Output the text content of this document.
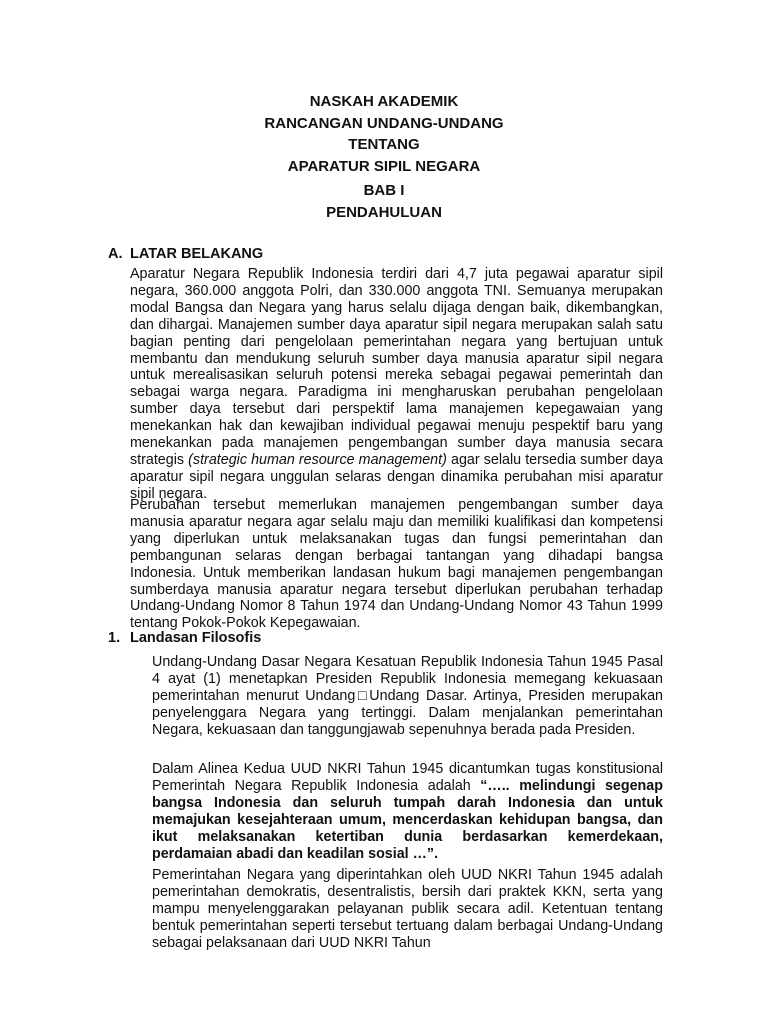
NASKAH AKADEMIK
RANCANGAN UNDANG-UNDANG
TENTANG
APARATUR SIPIL NEGARA
BAB I
PENDAHULUAN
A. LATAR BELAKANG

Aparatur Negara Republik Indonesia terdiri dari 4,7 juta pegawai aparatur sipil negara, 360.000 anggota Polri, dan 330.000 anggota TNI. Semuanya merupakan modal Bangsa dan Negara yang harus selalu dijaga dengan baik, dikembangkan, dan dihargai. Manajemen sumber daya aparatur sipil negara merupakan salah satu bagian penting dari pengelolaan pemerintahan negara yang bertujuan untuk membantu dan mendukung seluruh sumber daya manusia aparatur sipil negara untuk merealisasikan seluruh potensi mereka sebagai pegawai pemerintah dan sebagai warga negara. Paradigma ini mengharuskan perubahan pengelolaan sumber daya tersebut dari perspektif lama manajemen kepegawaian yang menekankan hak dan kewajiban individual pegawai menuju pespektif baru yang menekankan pada manajemen pengembangan sumber daya manusia secara strategis (strategic human resource management) agar selalu tersedia sumber daya aparatur sipil negara unggulan selaras dengan dinamika perubahan misi aparatur sipil negara.

Perubahan tersebut memerlukan manajemen pengembangan sumber daya manusia aparatur negara agar selalu maju dan memiliki kualifikasi dan kompetensi yang diperlukan untuk melaksanakan tugas dan fungsi pemerintahan dan pembangunan selaras dengan berbagai tantangan yang dihadapi bangsa Indonesia. Untuk memberikan landasan hukum bagi manajemen pengembangan sumberdaya manusia aparatur negara tersebut diperlukan perubahan terhadap Undang-Undang Nomor 8 Tahun 1974 dan Undang-Undang Nomor 43 Tahun 1999 tentang Pokok-Pokok Kepegawaian.

1. Landasan Filosofis

Undang-Undang Dasar Negara Kesatuan Republik Indonesia Tahun 1945 Pasal 4 ayat (1) menetapkan Presiden Republik Indonesia memegang kekuasaan pemerintahan menurut Undang□Undang Dasar. Artinya, Presiden merupakan penyelenggara Negara yang tertinggi. Dalam menjalankan pemerintahan Negara, kekuasaan dan tanggungjawab sepenuhnya berada pada Presiden.

Dalam Alinea Kedua UUD NKRI Tahun 1945 dicantumkan tugas konstitusional Pemerintah Negara Republik Indonesia adalah “….. melindungi segenap bangsa Indonesia dan seluruh tumpah darah Indonesia dan untuk memajukan kesejahteraan umum, mencerdaskan kehidupan bangsa, dan ikut melaksanakan ketertiban dunia berdasarkan kemerdekaan, perdamaian abadi dan keadilan sosial …”.

Pemerintahan Negara yang diperintahkan oleh UUD NKRI Tahun 1945 adalah pemerintahan demokratis, desentralistis, bersih dari praktek KKN, serta yang mampu menyelenggarakan pelayanan publik secara adil. Ketentuan tentang bentuk pemerintahan seperti tersebut tertuang dalam berbagai Undang-Undang sebagai pelaksanaan dari UUD NKRI Tahun
